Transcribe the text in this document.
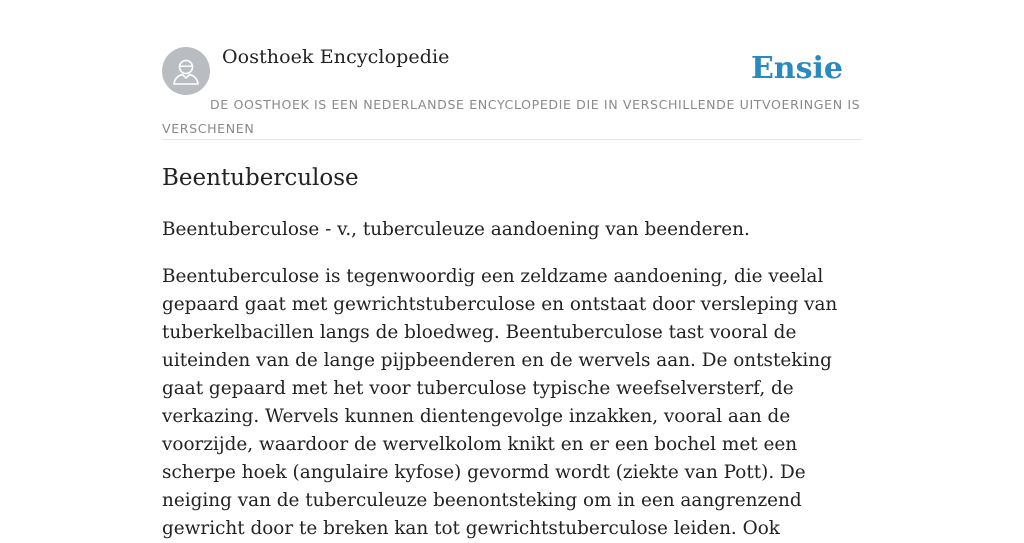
Oosthoek Encyclopedie	Ensie
DE OOSTHOEK IS EEN NEDERLANDSE ENCYCLOPEDIE DIE IN VERSCHILLENDE UITVOERINGEN IS VERSCHENEN
Beentuberculose

Beentuberculose - v., tuberculeuze aandoening van beenderen.

Beentuberculose is tegenwoordig een zeldzame aandoening, die veelal gepaard gaat met gewrichtstuberculose en ontstaat door versleping van tuberkelbacillen langs de bloedweg. Beentuberculose tast vooral de uiteinden van de lange pijpbeenderen en de wervels aan. De ontsteking gaat gepaard met het voor tuberculose typische weefselversterf, de verkazing. Wervels kunnen dientengevolge inzakken, vooral aan de voorzijde, waardoor de wervelkolom knikt en er een bochel met een scherpe hoek (angulaire kyfose) gevormd wordt (ziekte van Pott). De neiging van de tuberculeuze beenontsteking om in een aangrenzend gewricht door te breken kan tot gewrichtstuberculose leiden. Ook
